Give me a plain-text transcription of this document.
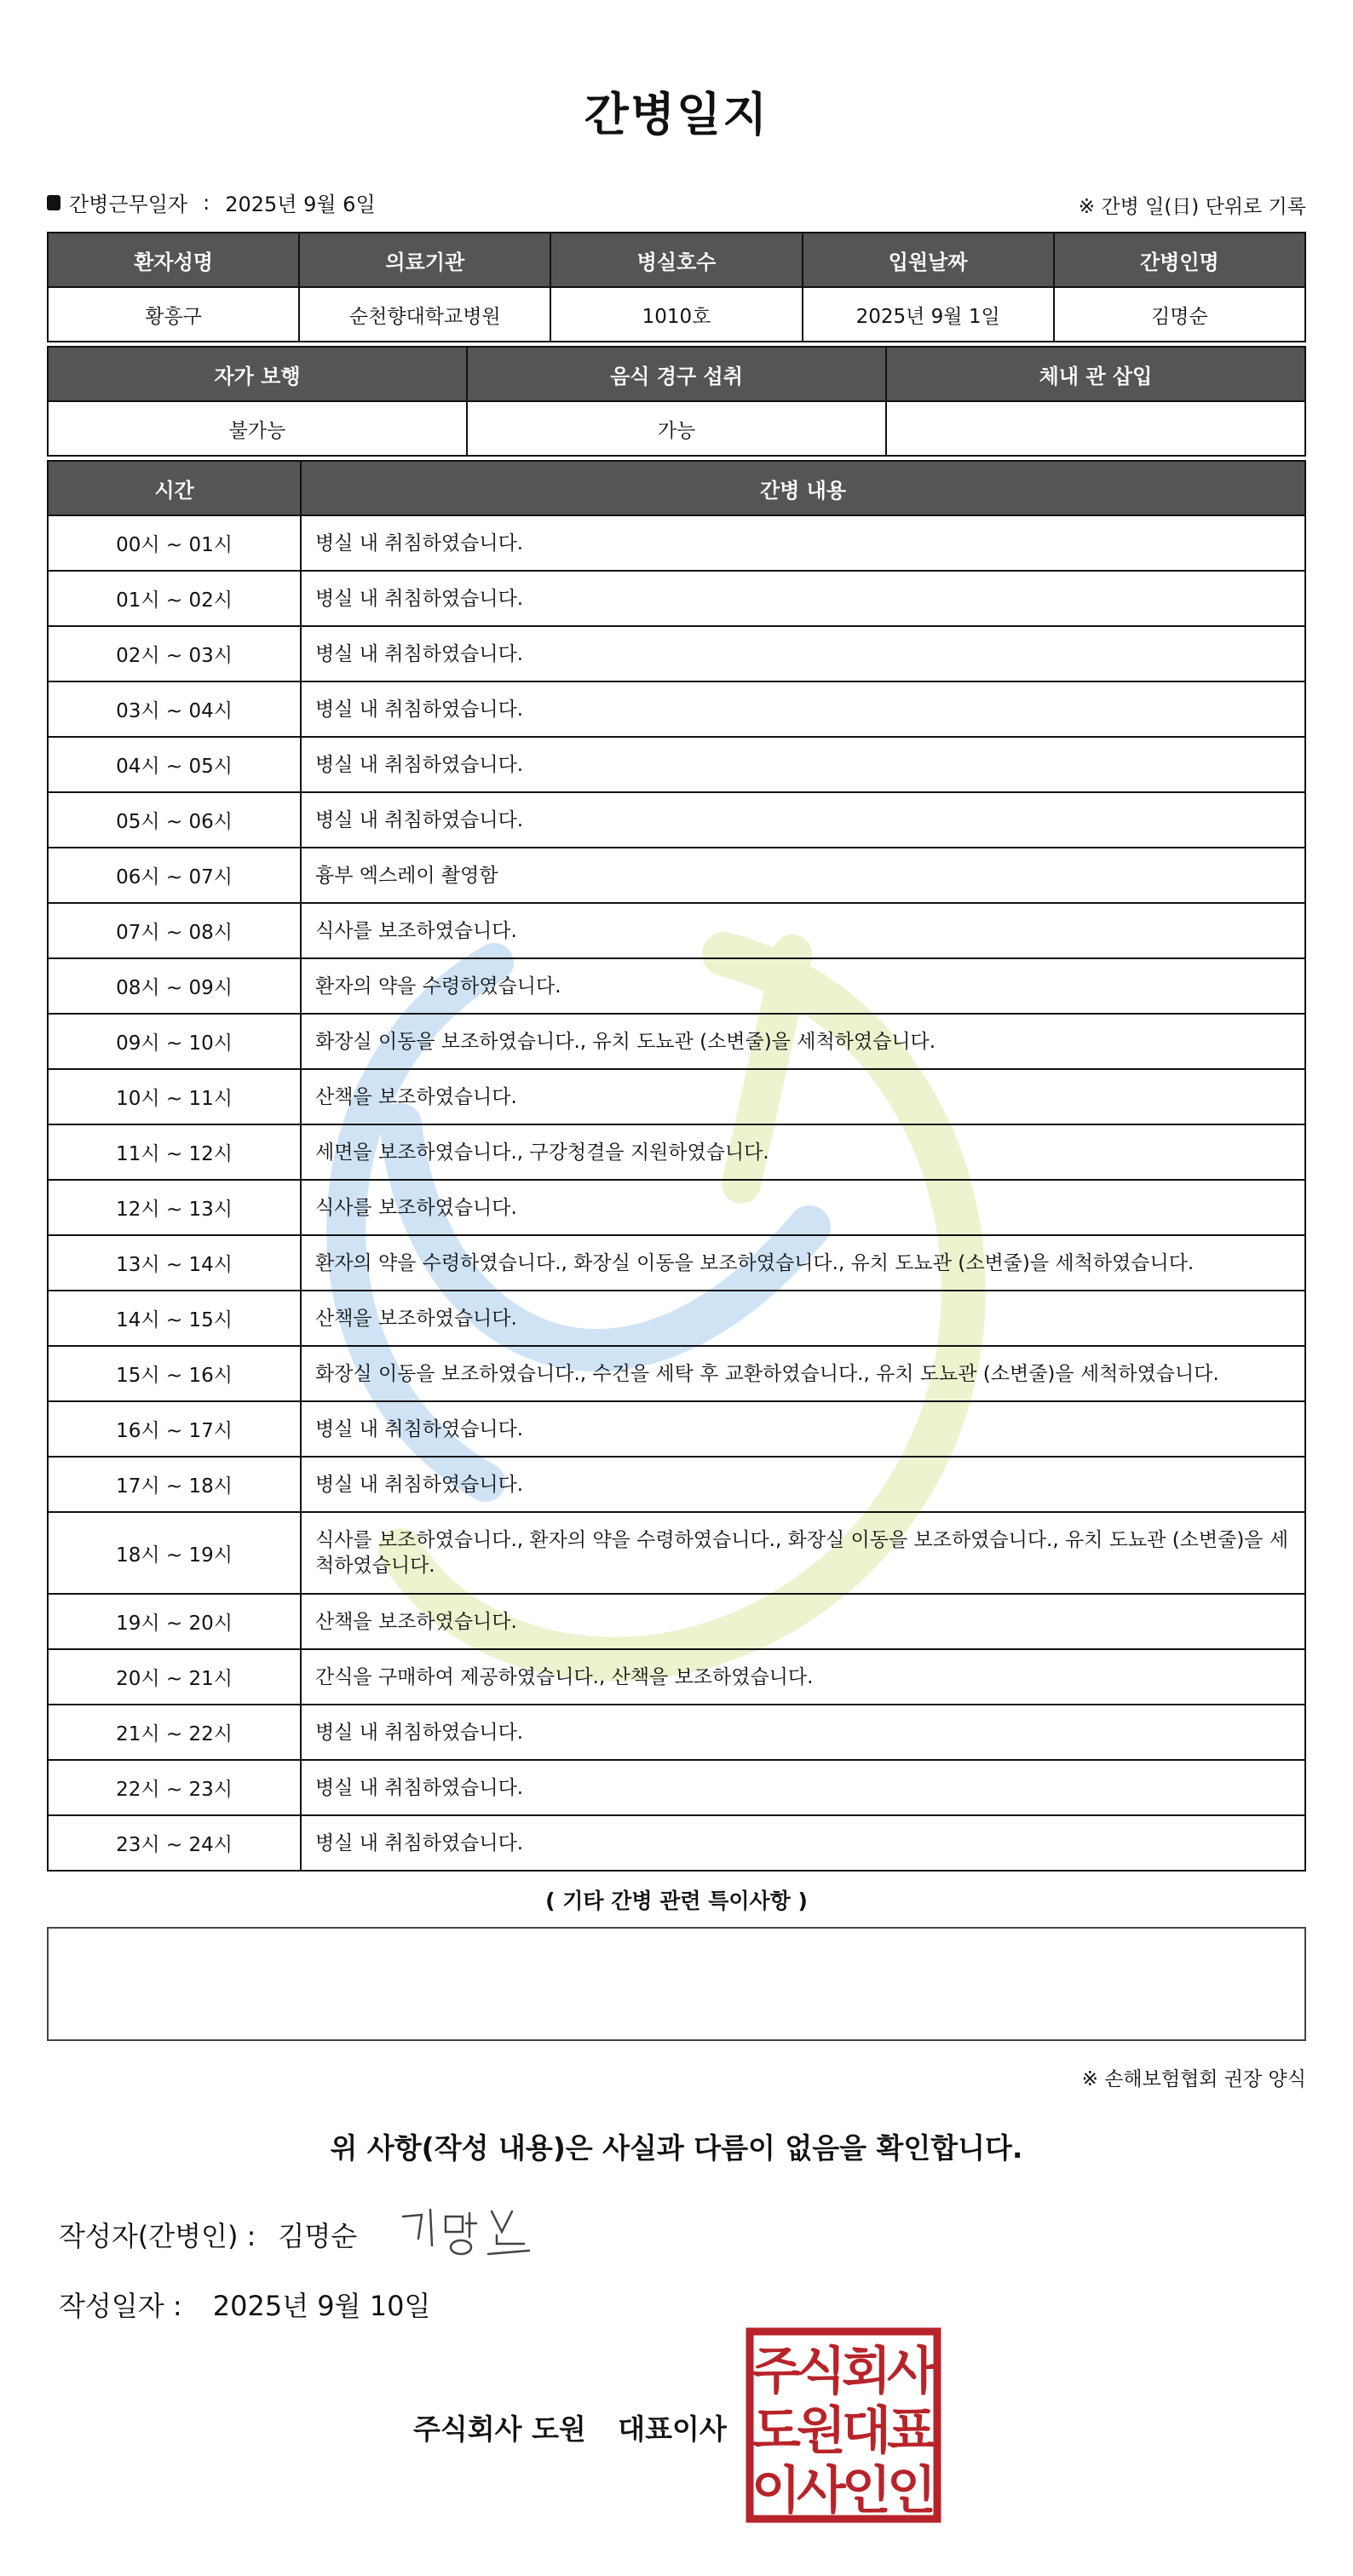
간병일지
간병근무일자 : 2025년 9월 6일	※ 간병 일(日) 단위로 기록
환자성명	의료기관	병실호수	입원날짜	간병인명
황흥구	순천향대학교병원	1010호	2025년 9월 1일	김명순
자가 보행	음식 경구 섭취	체내 관 삽입
불가능	가능	
시간	간병 내용
00시 ~ 01시	병실 내 취침하였습니다.
01시 ~ 02시	병실 내 취침하였습니다.
02시 ~ 03시	병실 내 취침하였습니다.
03시 ~ 04시	병실 내 취침하였습니다.
04시 ~ 05시	병실 내 취침하였습니다.
05시 ~ 06시	병실 내 취침하였습니다.
06시 ~ 07시	흉부 엑스레이 촬영함
07시 ~ 08시	식사를 보조하였습니다.
08시 ~ 09시	환자의 약을 수령하였습니다.
09시 ~ 10시	화장실 이동을 보조하였습니다., 유치 도뇨관 (소변줄)을 세척하였습니다.
10시 ~ 11시	산책을 보조하였습니다.
11시 ~ 12시	세면을 보조하였습니다., 구강청결을 지원하였습니다.
12시 ~ 13시	식사를 보조하였습니다.
13시 ~ 14시	환자의 약을 수령하였습니다., 화장실 이동을 보조하였습니다., 유치 도뇨관 (소변줄)을 세척하였습니다.
14시 ~ 15시	산책을 보조하였습니다.
15시 ~ 16시	화장실 이동을 보조하였습니다., 수건을 세탁 후 교환하였습니다., 유치 도뇨관 (소변줄)을 세척하였습니다.
16시 ~ 17시	병실 내 취침하였습니다.
17시 ~ 18시	병실 내 취침하였습니다.
18시 ~ 19시	식사를 보조하였습니다., 환자의 약을 수령하였습니다., 화장실 이동을 보조하였습니다., 유치 도뇨관 (소변줄)을 세척하였습니다.
19시 ~ 20시	산책을 보조하였습니다.
20시 ~ 21시	간식을 구매하여 제공하였습니다., 산책을 보조하였습니다.
21시 ~ 22시	병실 내 취침하였습니다.
22시 ~ 23시	병실 내 취침하였습니다.
23시 ~ 24시	병실 내 취침하였습니다.
( 기타 간병 관련 특이사항 )
※ 손해보험협회 권장 양식
위 사항(작성 내용)은 사실과 다름이 없음을 확인합니다.
작성자(간병인) : 김명순
작성일자 : 2025년 9월 10일
주식회사 도원 대표이사
주
식
회
사
도
원
대
표
이
사
인
인
